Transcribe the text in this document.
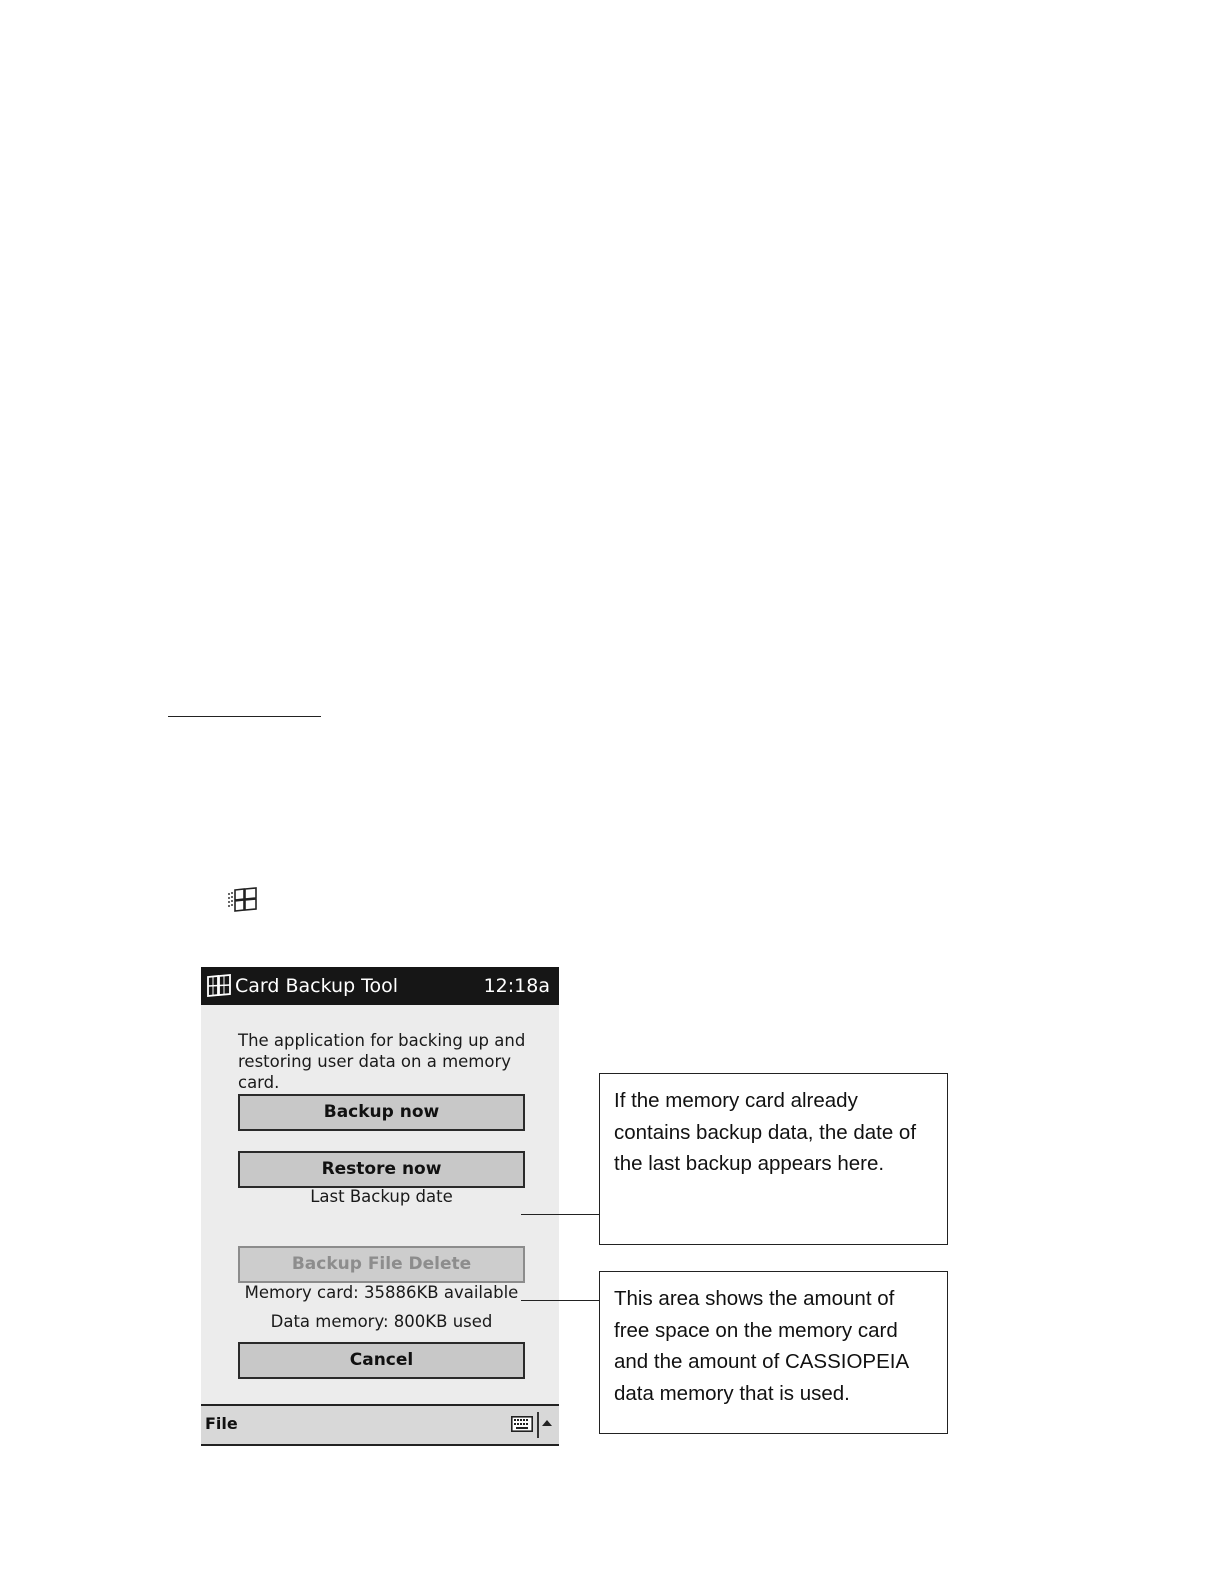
Card Backup Tool	12:18a
The application for backing up and restoring user data on a memory card.
Backup now
Restore now
Last Backup date
Backup File Delete
Memory card: 35886KB available
Data memory: 800KB used
Cancel
File
If the memory card already contains backup data, the date of the last backup appears here.
This area shows the amount of free space on the memory card and the amount of CASSIOPEIA data memory that is used.
